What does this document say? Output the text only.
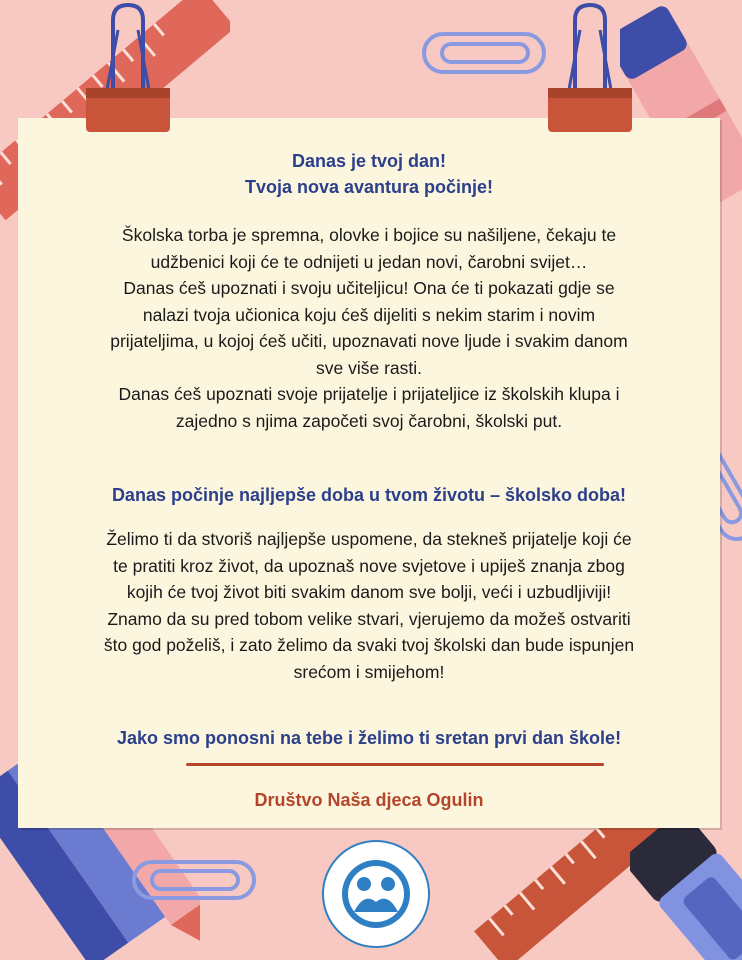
Danas je tvoj dan!

Tvoja nova avantura počinje!

Školska torba je spremna, olovke i bojice su našiljene, čekaju te

udžbenici koji će te odnijeti u jedan novi, čarobni svijet…

Danas ćeš upoznati i svoju učiteljicu! Ona će ti pokazati gdje se

nalazi tvoja učionica koju ćeš dijeliti s nekim starim i novim

prijateljima, u kojoj ćeš učiti, upoznavati nove ljude i svakim danom

sve više rasti.

Danas ćeš upoznati svoje prijatelje i prijateljice iz školskih klupa i

zajedno s njima započeti svoj čarobni, školski put.

Danas počinje najljepše doba u tvom životu – školsko doba!

Želimo ti da stvoriš najljepše uspomene, da stekneš prijatelje koji će

te pratiti kroz život, da upoznaš nove svjetove i upiješ znanja zbog

kojih će tvoj život biti svakim danom sve bolji, veći i uzbudljiviji!

Znamo da su pred tobom velike stvari, vjerujemo da možeš ostvariti

što god poželiš, i zato želimo da svaki tvoj školski dan bude ispunjen

srećom i smijehom!

Jako smo ponosni na tebe i želimo ti sretan prvi dan škole!

Društvo Naša djeca Ogulin
